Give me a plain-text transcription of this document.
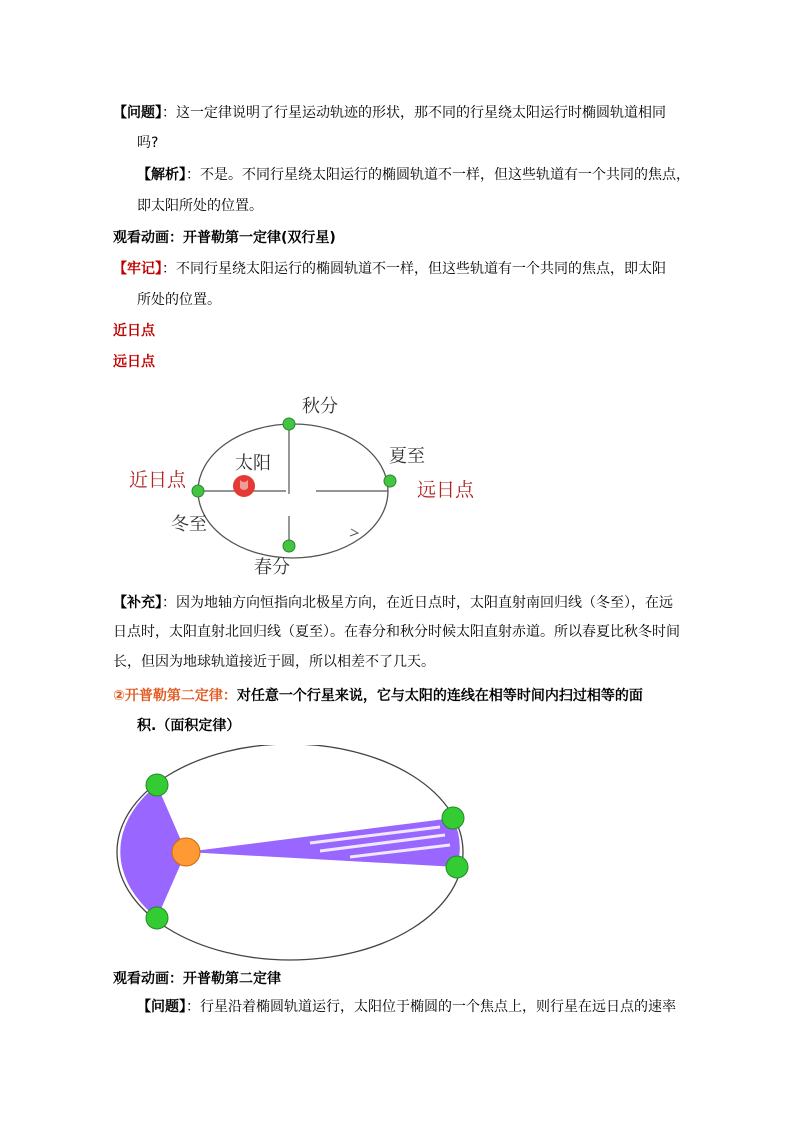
【问题】：这一定律说明了行星运动轨迹的形状，那不同的行星绕太阳运行时椭圆轨道相同
吗?
【解析】：不是。不同行星绕太阳运行的椭圆轨道不一样，但这些轨道有一个共同的焦点，
即太阳所处的位置。
观看动画：开普勒第一定律(双行星)
【牢记】：不同行星绕太阳运行的椭圆轨道不一样，但这些轨道有一个共同的焦点，即太阳
所处的位置。
近日点
远日点
秋分
夏至
太阳
近日点	远日点
冬至
春分
【补充】：因为地轴方向恒指向北极星方向，在近日点时，太阳直射南回归线（冬至），在远
日点时，太阳直射北回归线（夏至）。在春分和秋分时候太阳直射赤道。所以春夏比秋冬时间
长，但因为地球轨道接近于圆，所以相差不了几天。
②开普勒第二定律：对任意一个行星来说，它与太阳的连线在相等时间内扫过相等的面
积.（面积定律）
观看动画：开普勒第二定律
【问题】：行星沿着椭圆轨道运行，太阳位于椭圆的一个焦点上，则行星在远日点的速率
